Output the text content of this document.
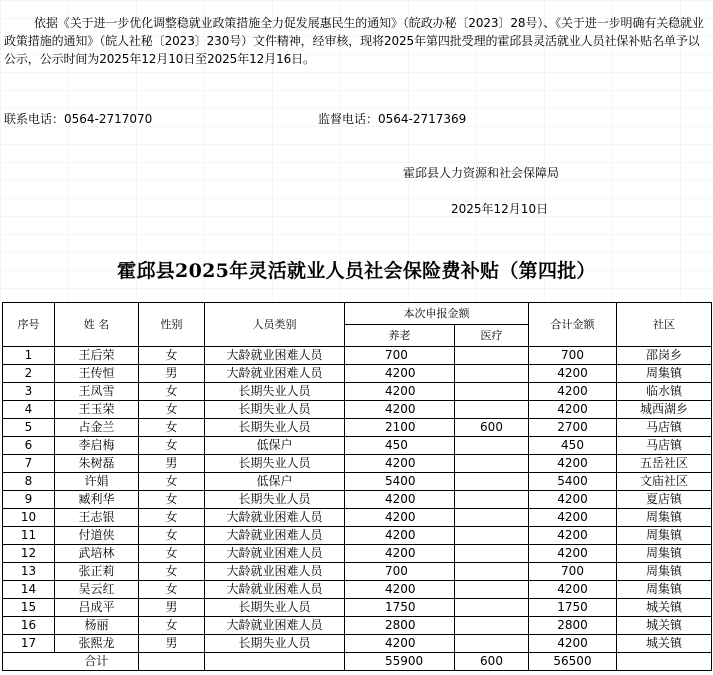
依据《关于进一步优化调整稳就业政策措施全力促发展惠民生的通知》（皖政办秘〔2023〕28号）、《关于进一步明确有关稳就业政策措施的通知》（皖人社秘〔2023〕230号）文件精神，经审核，现将2025年第四批受理的霍邱县灵活就业人员社保补贴名单予以公示，公示时间为2025年12月10日至2025年12月16日。
联系电话：0564-2717070	监督电话：0564-2717369
霍邱县人力资源和社会保障局
2025年12月10日
霍邱县2025年灵活就业人员社会保险费补贴（第四批）
序号	姓 名	性别	人员类别	本次申报金额		合计金额	社区
				养老	医疗		
1	王后荣	女	大龄就业困难人员	700		700	邵岗乡
2	王传恒	男	大龄就业困难人员	4200		4200	周集镇
3	王凤雪	女	长期失业人员	4200		4200	临水镇
4	王玉荣	女	长期失业人员	4200		4200	城西湖乡
5	占金兰	女	长期失业人员	2100	600	2700	马店镇
6	李启梅	女	低保户	450		450	马店镇
7	朱树磊	男	长期失业人员	4200		4200	五岳社区
8	许娟	女	低保户	5400		5400	文庙社区
9	臧利华	女	长期失业人员	4200		4200	夏店镇
10	王志银	女	大龄就业困难人员	4200		4200	周集镇
11	付道侠	女	大龄就业困难人员	4200		4200	周集镇
12	武培林	女	大龄就业困难人员	4200		4200	周集镇
13	张正莉	女	大龄就业困难人员	700		700	周集镇
14	吴云红	女	大龄就业困难人员	4200		4200	周集镇
15	吕成平	男	长期失业人员	1750		1750	城关镇
16	杨丽	女	大龄就业困难人员	2800		2800	城关镇
17	张熙龙	男	长期失业人员	4200		4200	城关镇
	合计			55900	600	56500	
